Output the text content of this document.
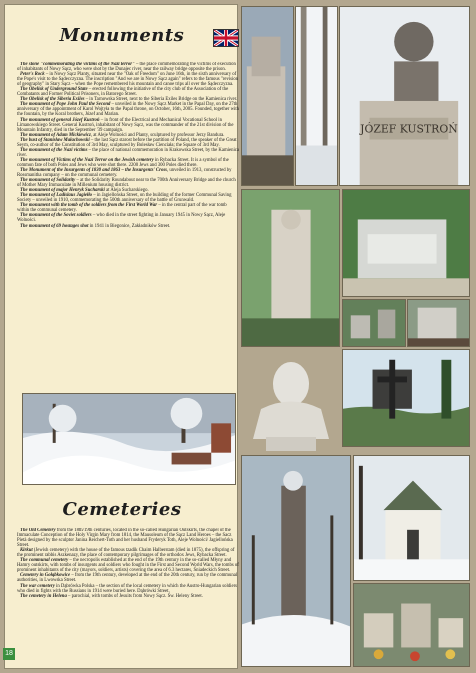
Monuments

The stone "commemorating the victims of the Nazi terror" – the place commemorating the victims of execution of inhabitants of Nowy Sącz, who were shot by the Dunajec river, near the railway bridge opposite the prison.

Peter's Rock – in Nowy Sącz Planty, situated near the "Oak of Freedom" on June 16th, in the sixth anniversary of the Pope's visit to the Sądecczyzna. The inscription "And we are in Nowy Sącz again" refers to the famous "revision of geography" in Stary Sącz – when the Pope remembered his mountain and canoe trips all over the Sądecczyzna.

The Obelisk of Underground State – erected following the initiative of the city club of the Association of the Combatants and Former Political Prisoners, in Batorego Street.

The Obelisk of the Siberia Exiles – in Tarnowska Street, next to the Siberia Exiles Bridge on the Kamienica river.

The monument of Pope John Paul the Second – unveiled in the Nowy Sącz Market in the Papal Day, on the 27th anniversary of the appointment of Karol Wojtyła to the Papal throne, on October, 16th, 2005. Founded, together with the fountain, by the Koral brothers, Józef and Marian.

The monument of general Józef Kustroń – in front of the Electrical and Mechanical Vocational School in Limanowskiego Street. General Kustroń, inhabitant of Nowy Sącz, was the commander of the 21st division of the Mountain Infantry, died in the September '39 campaign.

The monument of Adam Mickiewicz, at Aleje Wolności and Planty, sculptured by professor Jerzy Bandura.

The bust of Stanisław Małachowski – the last Sącz starost before the partition of Poland, the speaker of the Great Seym, co-author of the Constitution of 3rd May, sculptured by Bolesław Cienciała; the Square of 3rd May.

The monument of the Nazi victims – the place of national commemoration in Krakowska Street, by the Kamienica river.

The monument of Victims of the Nazi Terror on the Jewish cemetery in Rybacka Street. It is a symbol of the common fate of both Poles and Jews who were shot there. 2200 Jews and 300 Poles died there.

The Monument of the Insurgents of 1830 and 1863 – the Insurgents' Cross, unveiled in 1913, constructed by Rossmanitha company – on the communal cemetery.

The monument of Solidarity – at the Solidarity Roundabout near to the 700th Anniversary Bridge and the church of Mother Mary Immaculate in Millenium housing district.

The monument of major Henryk Sucharski at Aleja Sucharskiego.

The monument of Ladislaus Jagiełło – in Jagiellońska Street, on the building of the former Communal Saving Society – unveiled in 1910, commemorating the 500th anniversary of the battle of Grunwald.

The monument with the tomb of the soldiers from the First World War – in the central part of the war tomb within the communal cemetery.

The monument of the Soviet soldiers – who died in the street fighting in January 1945 in Nowy Sącz, Aleje Wolności.

The monument of 69 hostages shot in 1941 in Biegonice, Zakładników Street.

Cemeteries

The Old Cemetery from the 18th/19th centuries, located in the so-called Hungarian Outskirts, the chapel of the Immaculate Conception of the Holy Virgin Mary from 1814, the Mausoleum of the Sącz Land Heroes – the Sacz Pietà designed by the sculptor Janina Reichert-Toth and her husband Fryderyk Toth, Aleje Wolności/ Jagiellońska Street.

Kirkut (Jewish cemetery) with the house of the famous tzadik Chaim Halberstam (died in 1875), the offspring of the prominent rabbis Aszkenazy, the place of contemporary pilgrimages of the orthodox Jews, Rybacka Street.

The communal cemetery – the necropolis established at the end of the 19th century in the so-called Młyny and Hamry outskirts, with tombs of insurgents and soldiers who fought in the First and Second World Wars, the tombs of prominent inhabitants of the city (mayors, soldiers, artists) covering the area of 6.3 hectares, Śniadeckich Street.

Cemetery in Gołąbkowice – from the 19th century, developed at the end of the 20th century, run by the communal authorities, in Lwowska Street.

The war cemetery in Dąbrówka Polska – the section of the local cemetery in which the Austro-Hungarian soldiers who died in fights with the Russians in 1914 were buried here. Dąbrówki Street.

The cemetery in Helena – parochial, with tombs of Jesuits from Nowy Sącz. Św. Heleny Street.

JÓZEF KUSTROŃ
18
